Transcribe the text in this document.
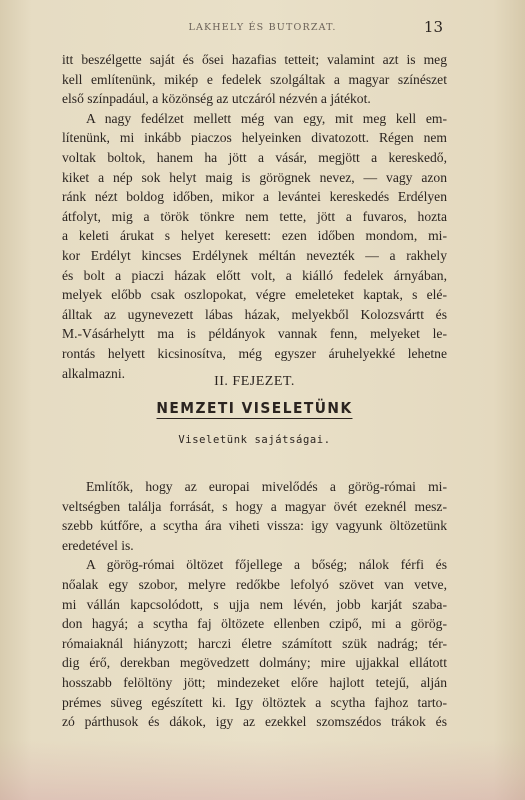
LAKHELY ÉS BUTORZAT.	13
itt beszélgette saját és ősei hazafias tetteit; valamint azt is meg
kell említenünk, mikép e fedelek szolgáltak a magyar színészet
első színpadául, a közönség az utczáról nézvén a játékot.
A nagy fedélzet mellett még van egy, mit meg kell em-
lítenünk, mi inkább piaczos helyeinken divatozott. Régen nem
voltak boltok, hanem ha jött a vásár, megjött a kereskedő,
kiket a nép sok helyt maig is görögnek nevez, — vagy azon
ránk nézt boldog időben, mikor a levántei kereskedés Erdélyen
átfolyt, mig a török tönkre nem tette, jött a fuvaros, hozta
a keleti árukat s helyet keresett: ezen időben mondom, mi-
kor Erdélyt kincses Erdélynek méltán nevezték — a rakhely
és bolt a piaczi házak előtt volt, a kiálló fedelek árnyában,
melyek előbb csak oszlopokat, végre emeleteket kaptak, s elé-
álltak az ugynevezett lábas házak, melyekből Kolozsvártt és
M.-Vásárhelytt ma is példányok vannak fenn, melyeket le-
rontás helyett kicsinosítva, még egyszer áruhelyekké lehetne
alkalmazni.
II. FEJEZET.
NEMZETI VISELETÜNK
Viseletünk sajátságai.
Említők, hogy az europai mivelődés a görög-római mi-
veltségben találja forrását, s hogy a magyar övét ezeknél mesz-
szebb kútfőre, a scytha ára viheti vissza: igy vagyunk öltözetünk
eredetével is.
A görög-római öltözet főjellege a bőség; nálok férfi és
nőalak egy szobor, melyre redőkbe lefolyó szövet van vetve,
mi vállán kapcsolódott, s ujja nem lévén, jobb karját szaba-
don hagyá; a scytha faj öltözete ellenben czipő, mi a görög-
rómaiaknál hiányzott; harczi életre számított szük nadrág; tér-
dig érő, derekban megövedzett dolmány; mire ujjakkal ellátott
hosszabb felöltöny jött; mindezeket előre hajlott tetejű, alján
prémes süveg egészített ki. Igy öltöztek a scytha fajhoz tarto-
zó párthusok és dákok, igy az ezekkel szomszédos trákok és
